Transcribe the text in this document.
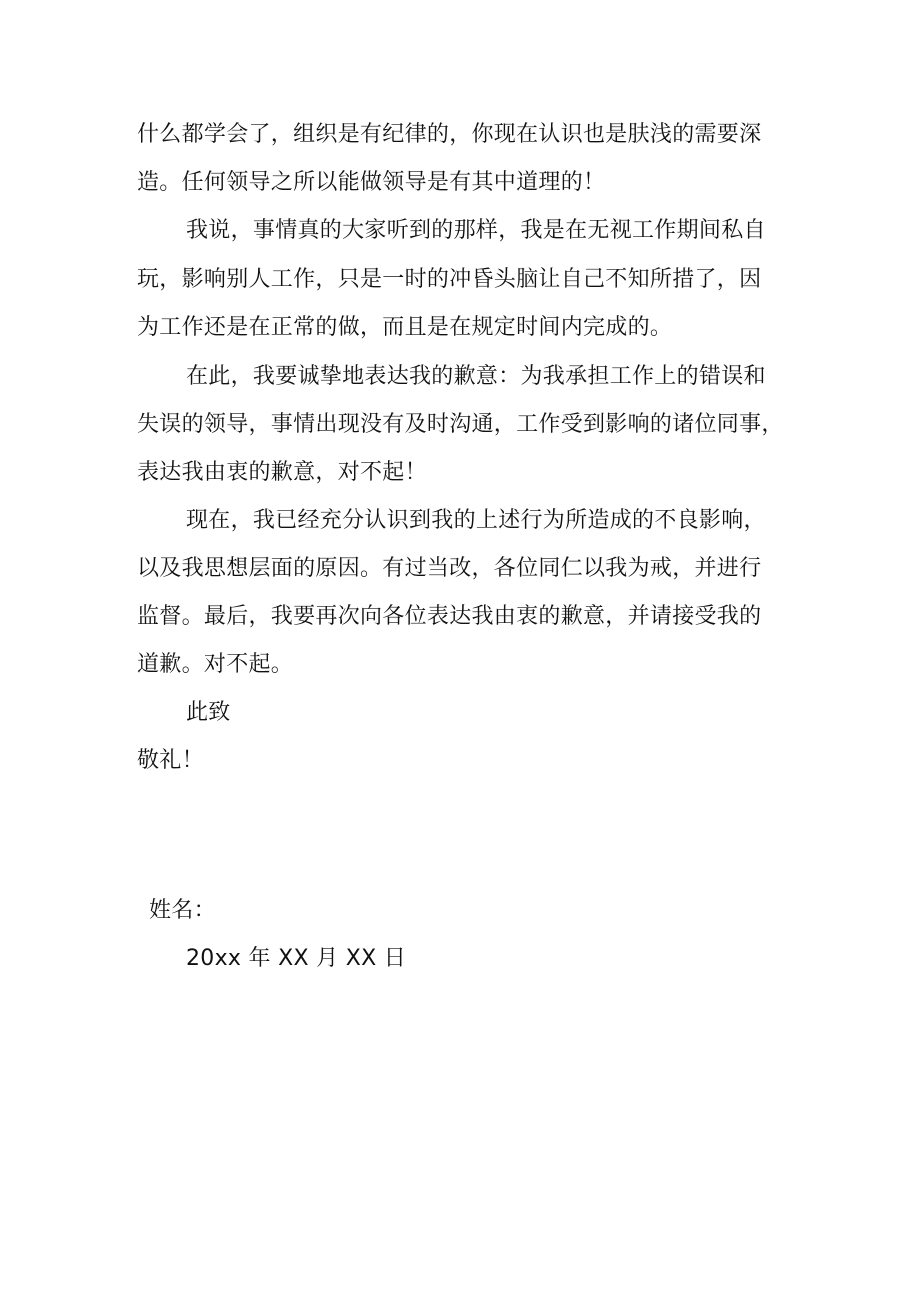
什么都学会了，组织是有纪律的，你现在认识也是肤浅的需要深
造。任何领导之所以能做领导是有其中道理的！
我说，事情真的大家听到的那样，我是在无视工作期间私自
玩，影响别人工作，只是一时的冲昏头脑让自己不知所措了，因
为工作还是在正常的做，而且是在规定时间内完成的。
在此，我要诚挚地表达我的歉意：为我承担工作上的错误和
失误的领导，事情出现没有及时沟通，工作受到影响的诸位同事，
表达我由衷的歉意，对不起！
现在，我已经充分认识到我的上述行为所造成的不良影响，
以及我思想层面的原因。有过当改，各位同仁以我为戒，并进行
监督。最后，我要再次向各位表达我由衷的歉意，并请接受我的
道歉。对不起。
此致
敬礼！
姓名：
20xx 年 XX 月 XX 日
